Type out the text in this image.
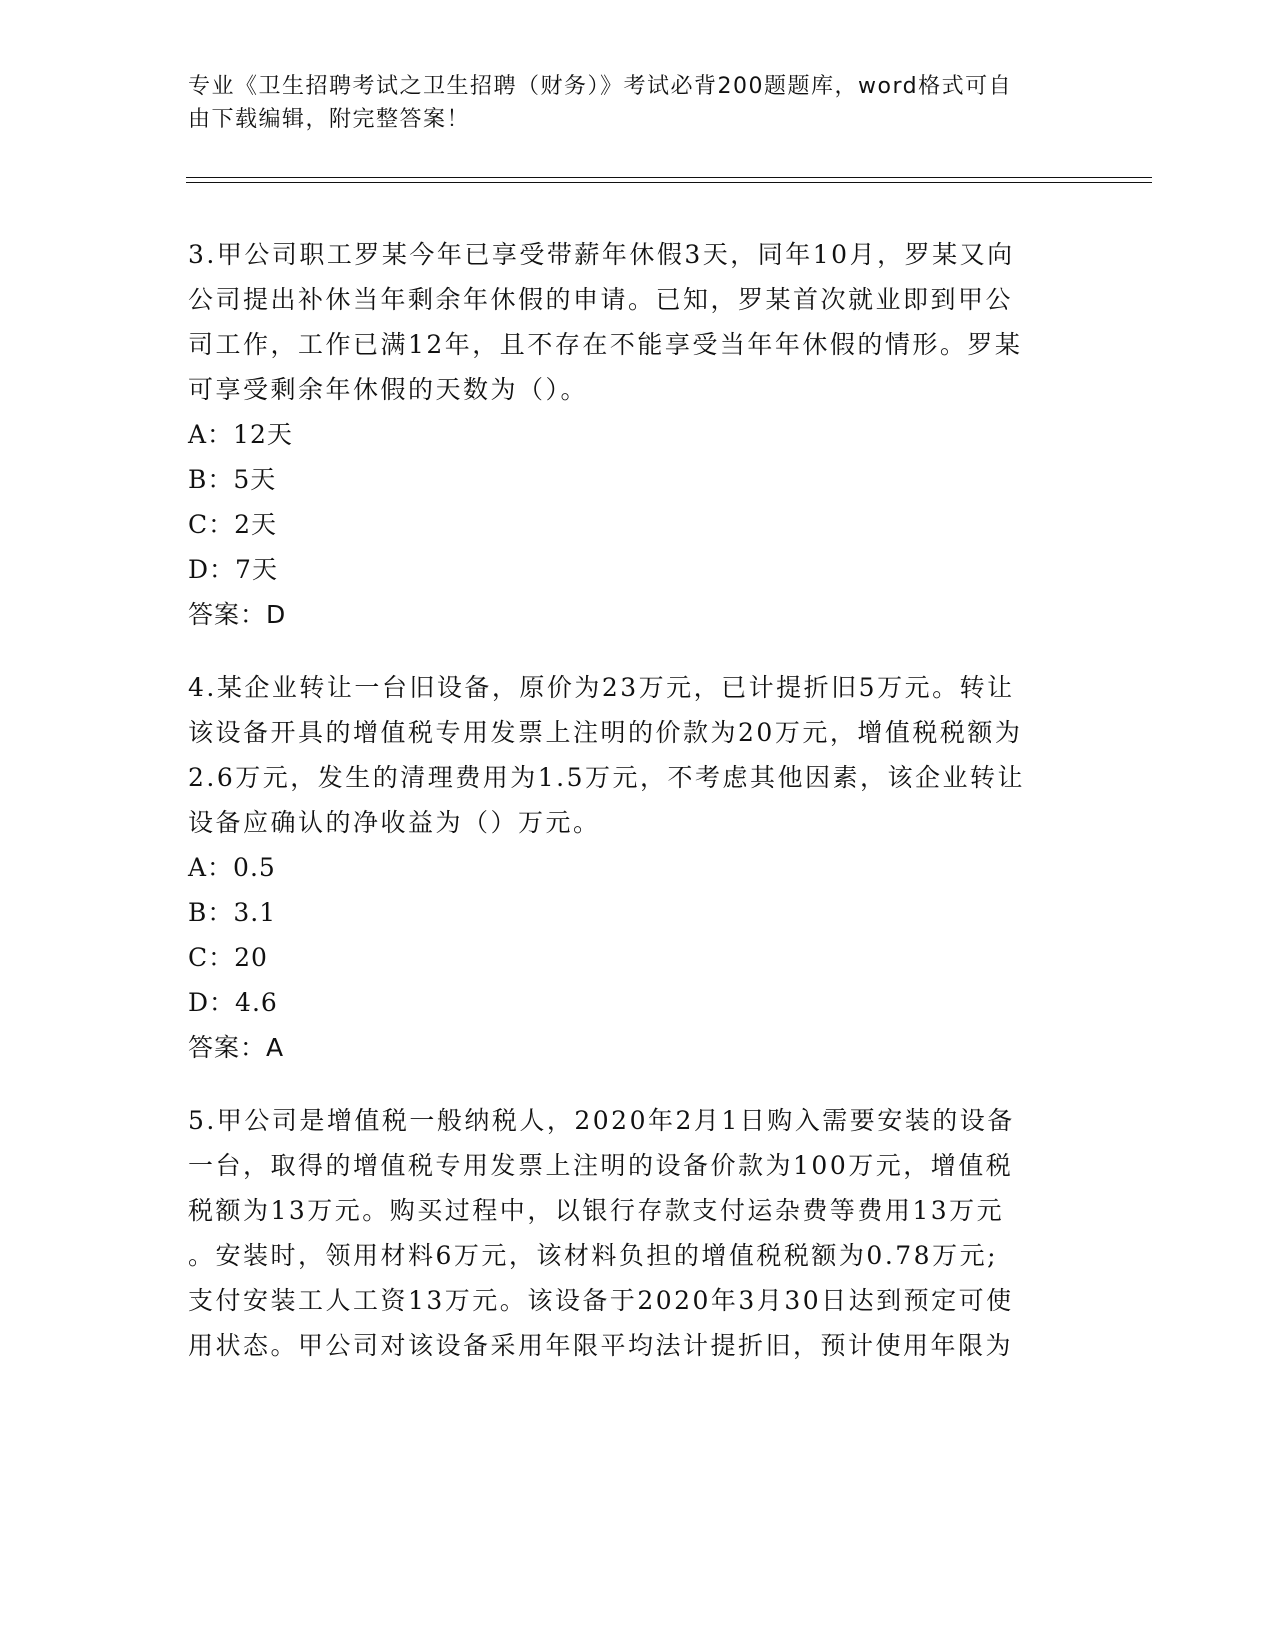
专业《卫生招聘考试之卫生招聘（财务）》考试必背200题题库，word格式可自
由下载编辑，附完整答案！

3.甲公司职工罗某今年已享受带薪年休假3天，同年10月，罗某又向

公司提出补休当年剩余年休假的申请。已知，罗某首次就业即到甲公

司工作，工作已满12年，且不存在不能享受当年年休假的情形。罗某

可享受剩余年休假的天数为（）。

A：12天

B：5天

C：2天

D：7天

答案：D

4.某企业转让一台旧设备，原价为23万元，已计提折旧5万元。转让

该设备开具的增值税专用发票上注明的价款为20万元，增值税税额为

2.6万元，发生的清理费用为1.5万元，不考虑其他因素，该企业转让

设备应确认的净收益为（）万元。

A：0.5

B：3.1

C：20

D：4.6

答案：A

5.甲公司是增值税一般纳税人，2020年2月1日购入需要安装的设备

一台，取得的增值税专用发票上注明的设备价款为100万元，增值税

税额为13万元。购买过程中，以银行存款支付运杂费等费用13万元

。安装时，领用材料6万元，该材料负担的增值税税额为0.78万元;

支付安装工人工资13万元。该设备于2020年3月30日达到预定可使

用状态。甲公司对该设备采用年限平均法计提折旧，预计使用年限为
